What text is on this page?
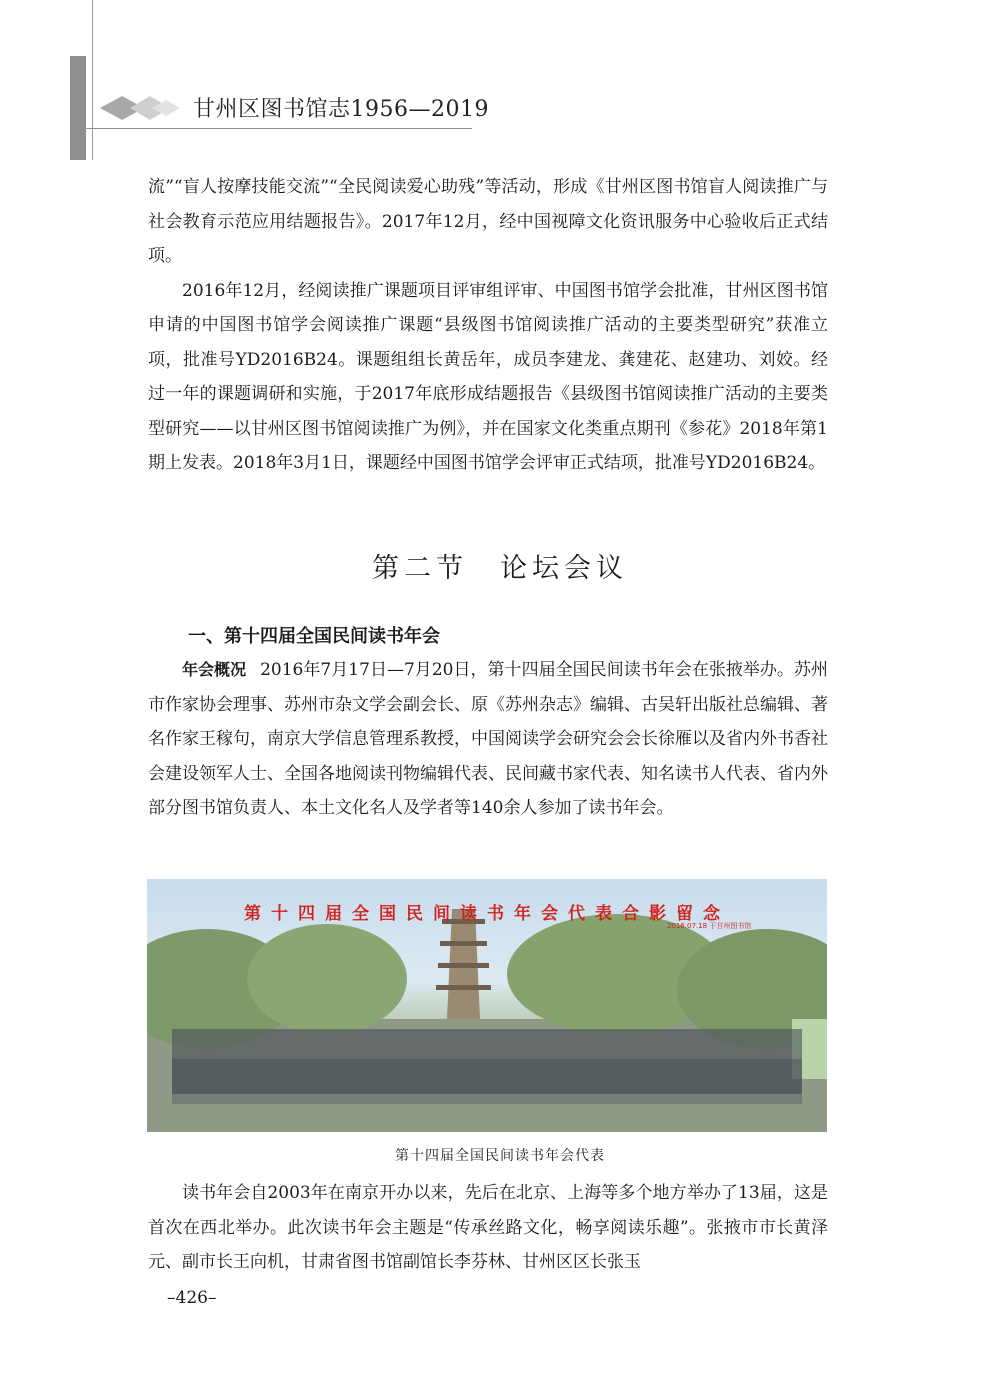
甘州区图书馆志1956—2019

流”“盲人按摩技能交流”“全民阅读爱心助残”等活动，形成《甘州区图书馆盲人阅读推广与社会教育示范应用结题报告》。2017年12月，经中国视障文化资讯服务中心验收后正式结项。

2016年12月，经阅读推广课题项目评审组评审、中国图书馆学会批准，甘州区图书馆申请的中国图书馆学会阅读推广课题“县级图书馆阅读推广活动的主要类型研究”获准立项，批准号YD2016B24。课题组组长黄岳年，成员李建龙、龚建花、赵建功、刘姣。经过一年的课题调研和实施，于2017年底形成结题报告《县级图书馆阅读推广活动的主要类型研究——以甘州区图书馆阅读推广为例》，并在国家文化类重点期刊《参花》2018年第1期上发表。2018年3月1日，课题经中国图书馆学会评审正式结项，批准号YD2016B24。

第二节　论坛会议
一、第十四届全国民间读书年会

年会概况 2016年7月17日—7月20日，第十四届全国民间读书年会在张掖举办。苏州市作家协会理事、苏州市杂文学会副会长、原《苏州杂志》编辑、古吴轩出版社总编辑、著名作家王稼句，南京大学信息管理系教授，中国阅读学会研究会会长徐雁以及省内外书香社会建设领军人士、全国各地阅读刊物编辑代表、民间藏书家代表、知名读书人代表、省内外部分图书馆负责人、本土文化名人及学者等140余人参加了读书年会。

第十四届全国民间读书年会代表合影留念
2016.07.18 于甘州图书馆
第十四届全国民间读书年会代表

读书年会自2003年在南京开办以来，先后在北京、上海等多个地方举办了13届，这是首次在西北举办。此次读书年会主题是“传承丝路文化，畅享阅读乐趣”。张掖市市长黄泽元、副市长王向机，甘肃省图书馆副馆长李芬林、甘州区区长张玉

–426–
